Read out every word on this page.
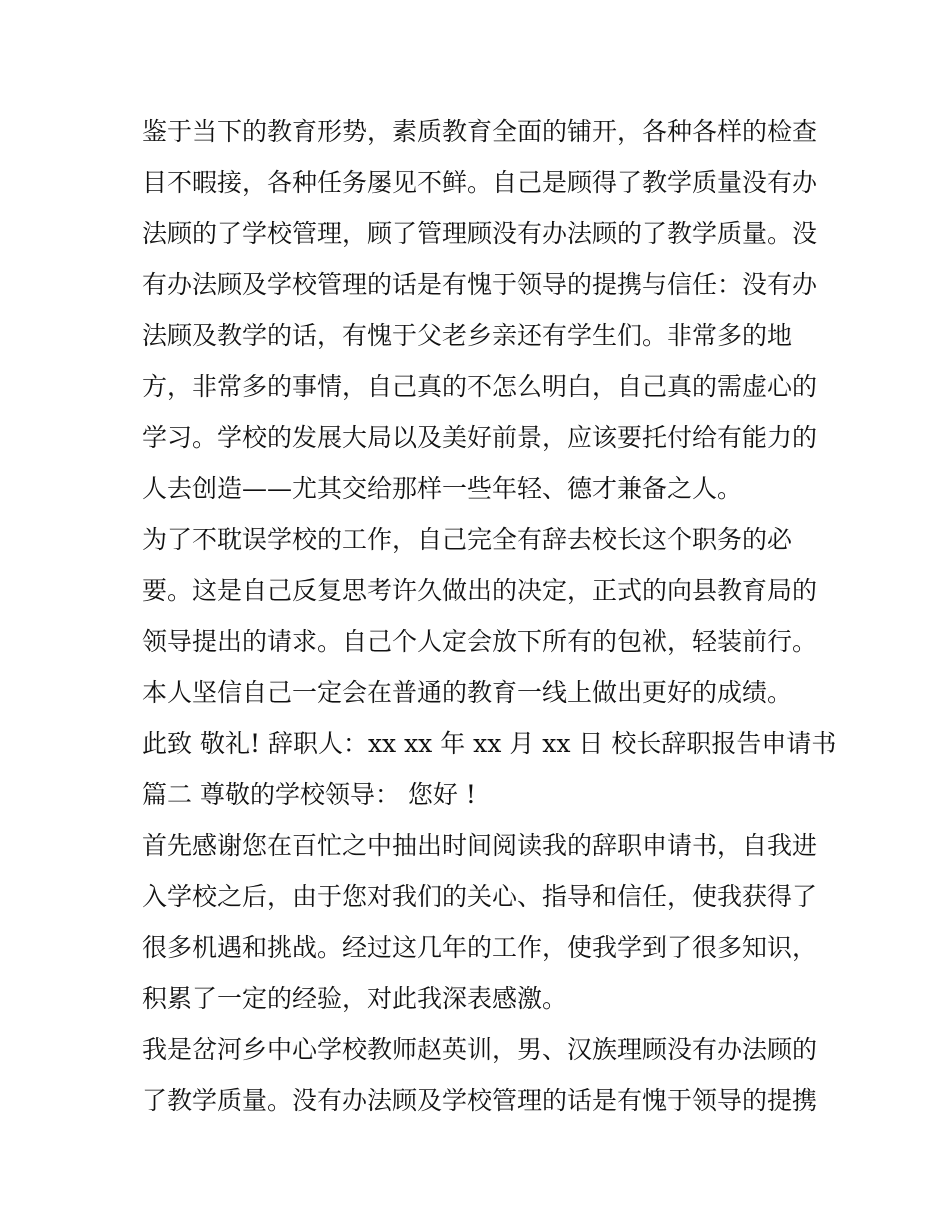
鉴于当下的教育形势，素质教育全面的铺开，各种各样的检查
目不暇接，各种任务屡见不鲜。自己是顾得了教学质量没有办
法顾的了学校管理，顾了管理顾没有办法顾的了教学质量。没
有办法顾及学校管理的话是有愧于领导的提携与信任：没有办
法顾及教学的话，有愧于父老乡亲还有学生们。非常多的地
方，非常多的事情，自己真的不怎么明白，自己真的需虚心的
学习。学校的发展大局以及美好前景，应该要托付给有能力的
人去创造——尤其交给那样一些年轻、德才兼备之人。
为了不耽误学校的工作，自己完全有辞去校长这个职务的必
要。这是自己反复思考许久做出的决定，正式的向县教育局的
领导提出的请求。自己个人定会放下所有的包袱，轻装前行。
本人坚信自己一定会在普通的教育一线上做出更好的成绩。
此致 敬礼! 辞职人：xx xx 年 xx 月 xx 日 校长辞职报告申请书
篇二 尊敬的学校领导： 您好 !
首先感谢您在百忙之中抽出时间阅读我的辞职申请书，自我进
入学校之后，由于您对我们的关心、指导和信任，使我获得了
很多机遇和挑战。经过这几年的工作，使我学到了很多知识，
积累了一定的经验，对此我深表感激。
我是岔河乡中心学校教师赵英训，男、汉族理顾没有办法顾的
了教学质量。没有办法顾及学校管理的话是有愧于领导的提携
